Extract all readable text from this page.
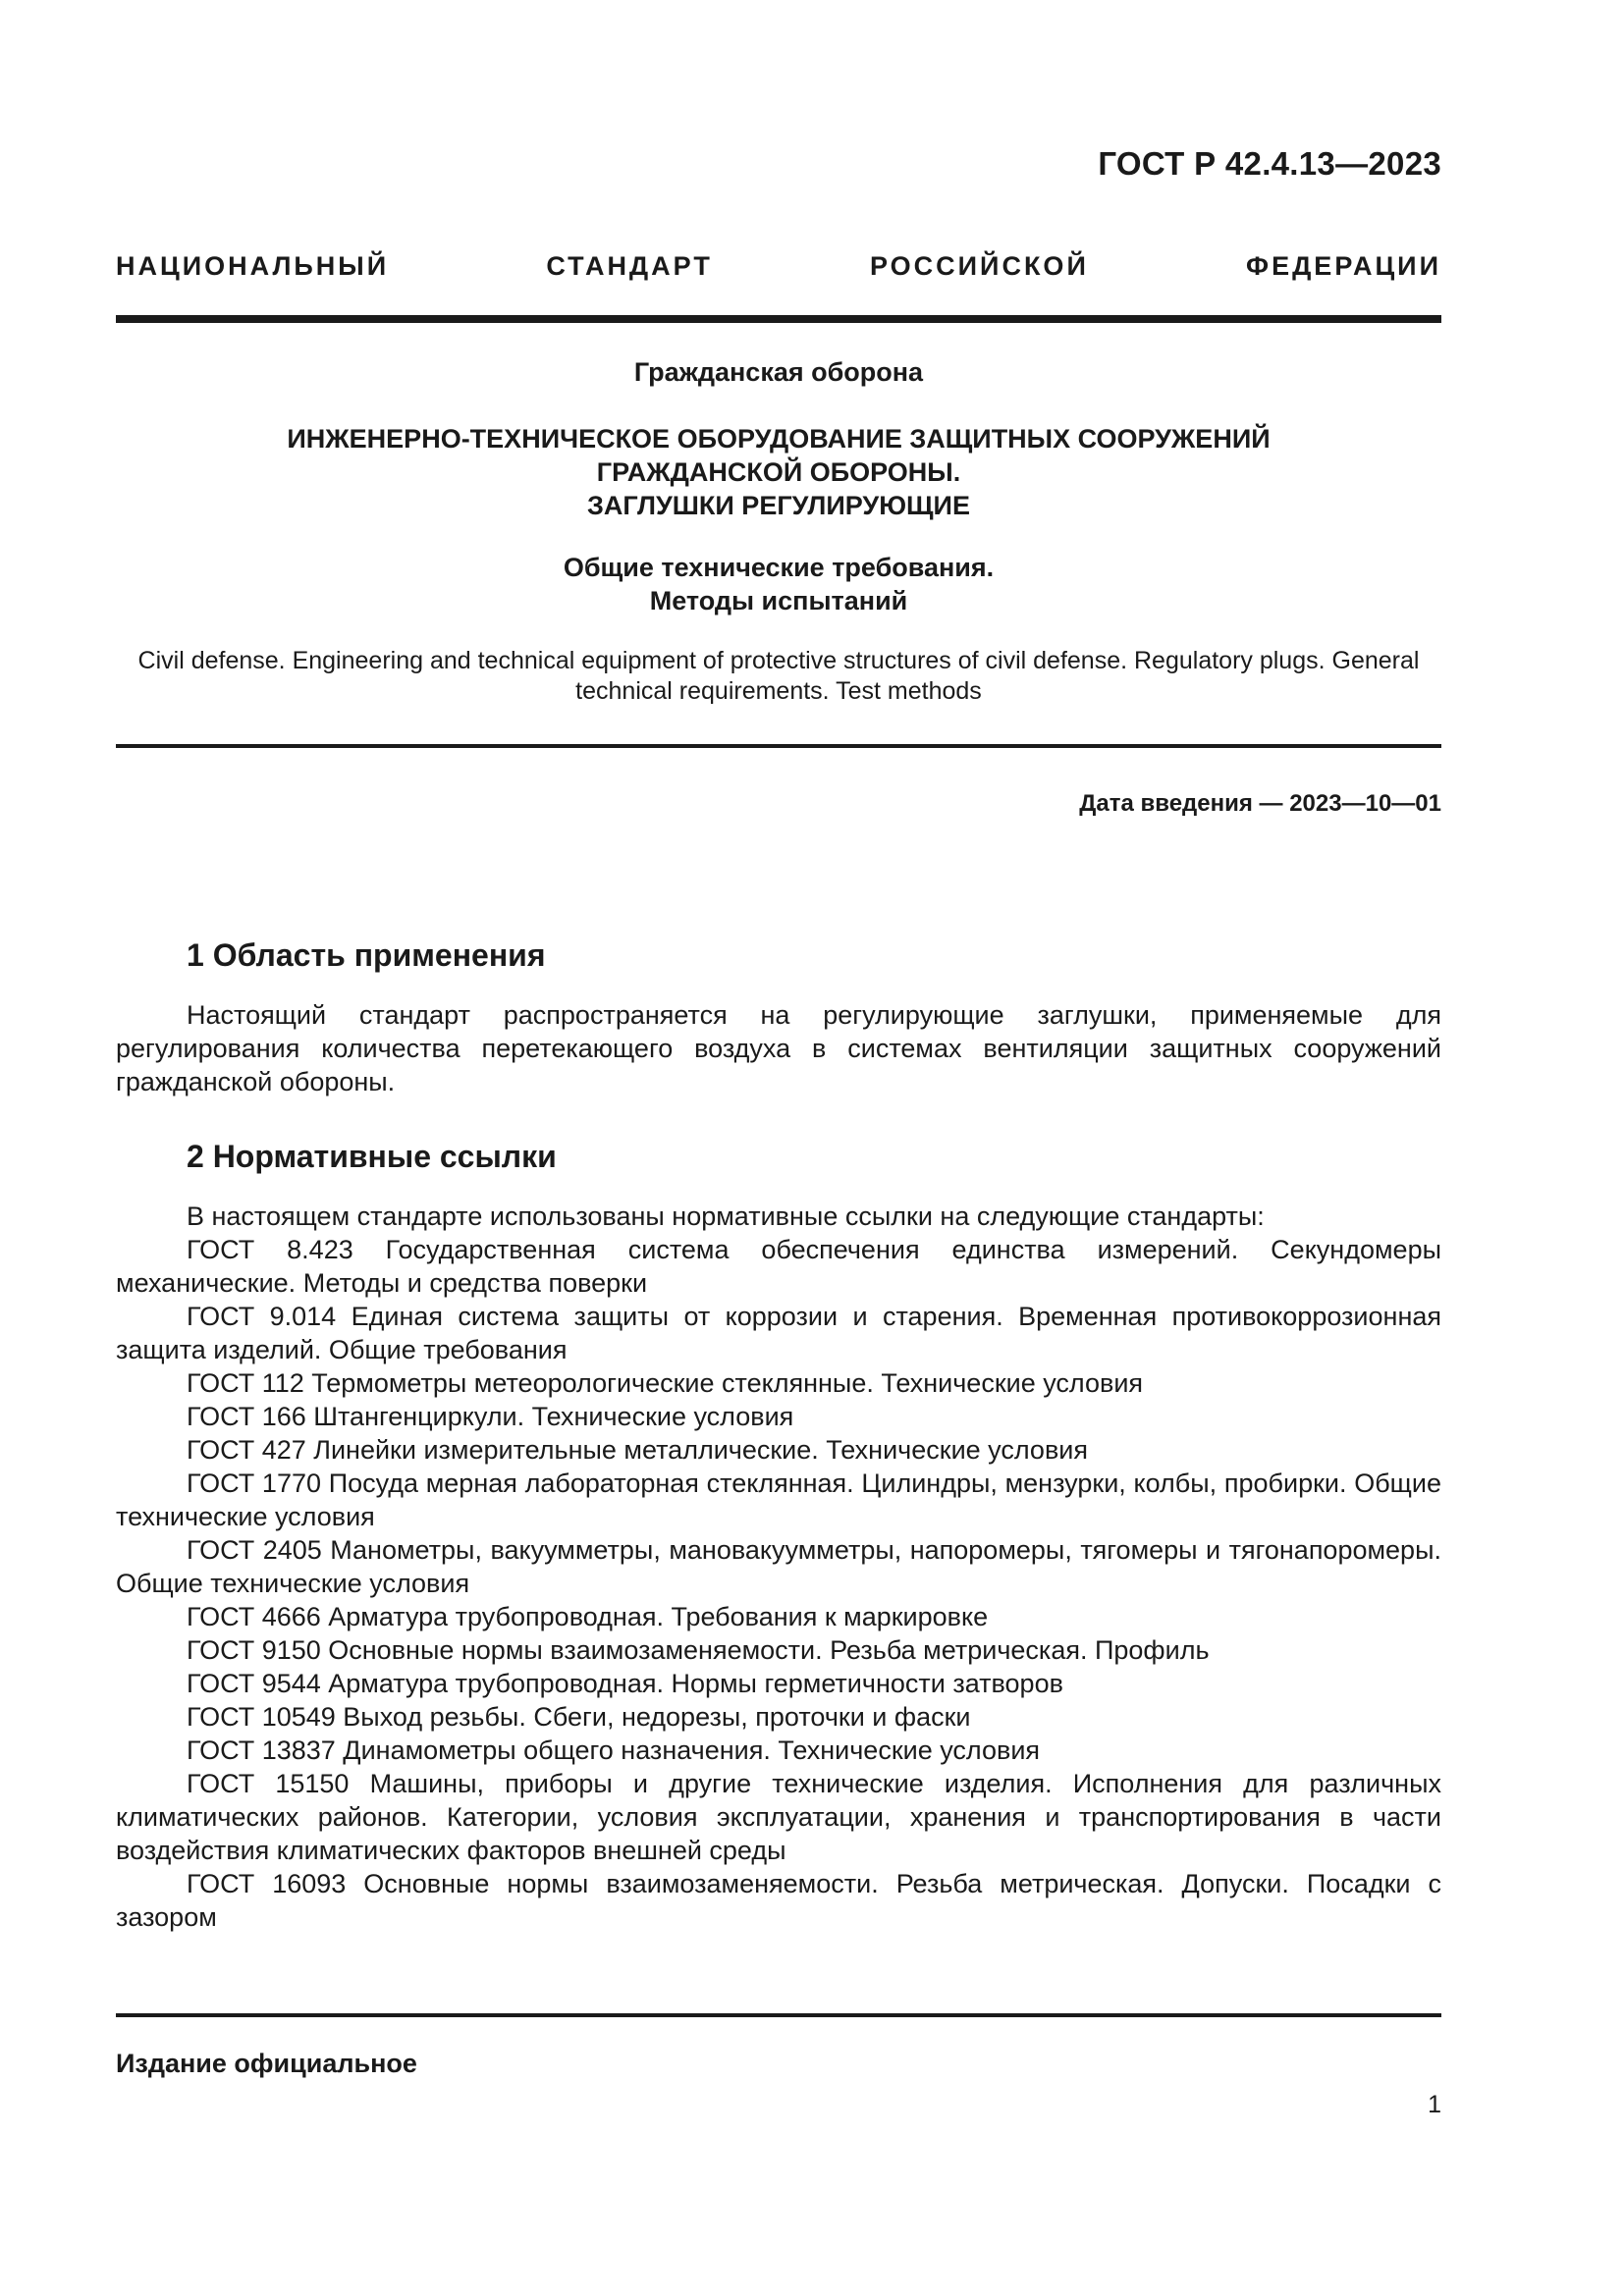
ГОСТ Р 42.4.13—2023
НАЦИОНАЛЬНЫЙ СТАНДАРТ РОССИЙСКОЙ ФЕДЕРАЦИИ
Гражданская оборона
ИНЖЕНЕРНО-ТЕХНИЧЕСКОЕ ОБОРУДОВАНИЕ ЗАЩИТНЫХ СООРУЖЕНИЙ
ГРАЖДАНСКОЙ ОБОРОНЫ.
ЗАГЛУШКИ РЕГУЛИРУЮЩИЕ
Общие технические требования.
Методы испытаний
Civil defense. Engineering and technical equipment of protective structures of civil defense. Regulatory plugs. General
technical requirements. Test methods
Дата введения — 2023—10—01
1 Область применения

Настоящий стандарт распространяется на регулирующие заглушки, применяемые для регулирования количества перетекающего воздуха в системах вентиляции защитных сооружений гражданской обороны.

2 Нормативные ссылки

В настоящем стандарте использованы нормативные ссылки на следующие стандарты:

ГОСТ 8.423 Государственная система обеспечения единства измерений. Секундомеры механические. Методы и средства поверки

ГОСТ 9.014 Единая система защиты от коррозии и старения. Временная противокоррозионная защита изделий. Общие требования

ГОСТ 112 Термометры метеорологические стеклянные. Технические условия

ГОСТ 166 Штангенциркули. Технические условия

ГОСТ 427 Линейки измерительные металлические. Технические условия

ГОСТ 1770 Посуда мерная лабораторная стеклянная. Цилиндры, мензурки, колбы, пробирки. Общие технические условия

ГОСТ 2405 Манометры, вакуумметры, мановакуумметры, напоромеры, тягомеры и тягонапоромеры. Общие технические условия

ГОСТ 4666 Арматура трубопроводная. Требования к маркировке

ГОСТ 9150 Основные нормы взаимозаменяемости. Резьба метрическая. Профиль

ГОСТ 9544 Арматура трубопроводная. Нормы герметичности затворов

ГОСТ 10549 Выход резьбы. Сбеги, недорезы, проточки и фаски

ГОСТ 13837 Динамометры общего назначения. Технические условия

ГОСТ 15150 Машины, приборы и другие технические изделия. Исполнения для различных климатических районов. Категории, условия эксплуатации, хранения и транспортирования в части воздействия климатических факторов внешней среды

ГОСТ 16093 Основные нормы взаимозаменяемости. Резьба метрическая. Допуски. Посадки с зазором

Издание официальное
1
